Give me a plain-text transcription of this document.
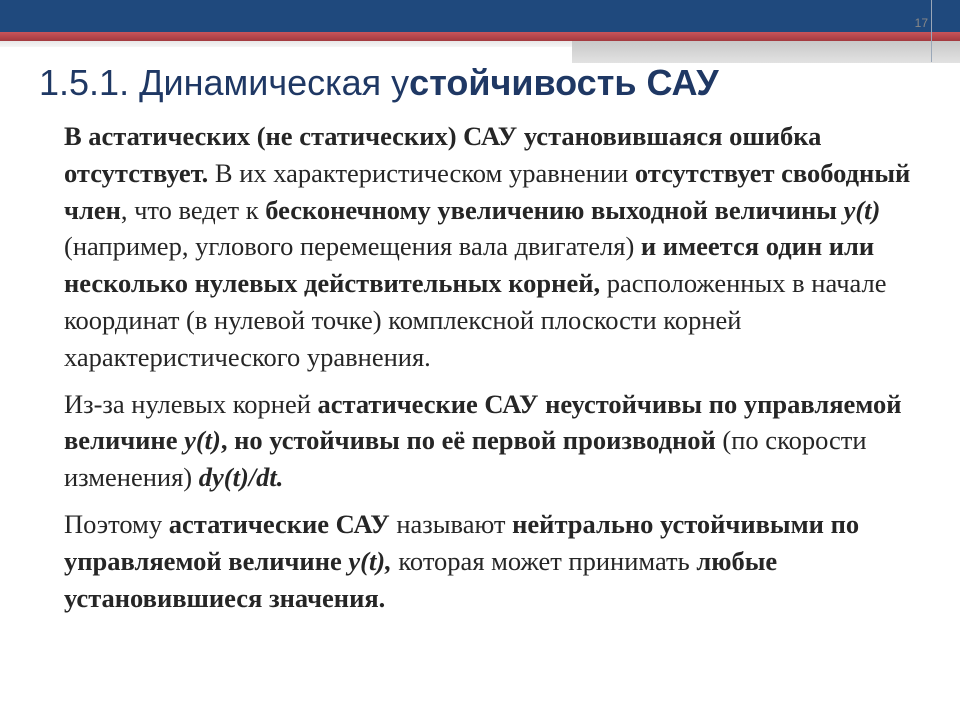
17
1.5.1. Динамическая устойчивость САУ

В астатических (не статических) САУ установившаяся ошибка отсутствует. В их характеристическом уравнении отсутствует свободный член, что ведет к бесконечному увеличению выходной величины y(t) (например, углового перемещения вала двигателя) и имеется один или несколько нулевых действительных корней, расположенных в начале координат (в нулевой точке) комплексной плоскости корней характеристического уравнения.

Из-за нулевых корней астатические САУ неустойчивы по управляемой величине y(t), но устойчивы по её первой производной (по скорости изменения) dy(t)/dt.

Поэтому астатические САУ называют нейтрально устойчивыми по управляемой величине y(t), которая может принимать любые установившиеся значения.
